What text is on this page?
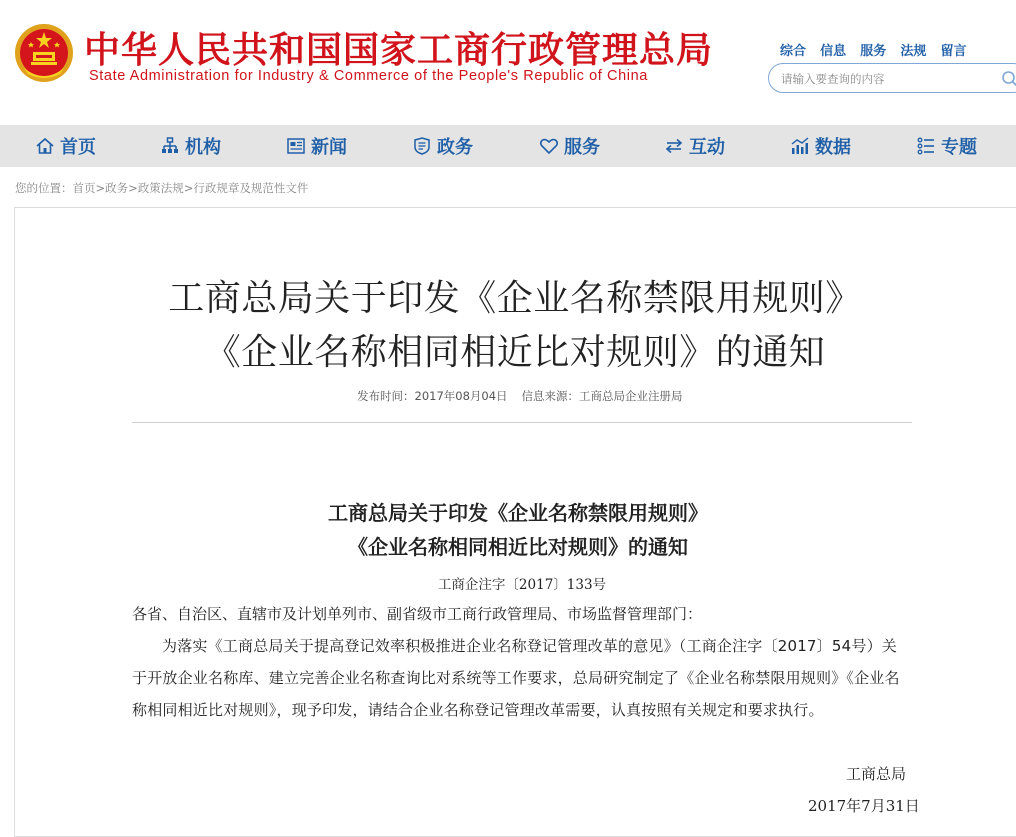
中华人民共和国国家工商行政管理总局
State Administration for Industry & Commerce of the People's Republic of China
综合 信息 服务 法规 留言
请输入要查询的内容
首页	机构	新闻	政务	服务	互动	数据	专题
您的位置：首页>政务>政策法规>行政规章及规范性文件
工商总局关于印发《企业名称禁限用规则》
《企业名称相同相近比对规则》的通知
发布时间：2017年08月04日 信息来源：工商总局企业注册局
工商总局关于印发《企业名称禁限用规则》
《企业名称相同相近比对规则》的通知
工商企注字〔2017〕133号
各省、自治区、直辖市及计划单列市、副省级市工商行政管理局、市场监督管理部门：
为落实《工商总局关于提高登记效率积极推进企业名称登记管理改革的意见》（工商企注字〔2017〕54号）关于开放企业名称库、建立完善企业名称查询比对系统等工作要求，总局研究制定了《企业名称禁限用规则》《企业名称相同相近比对规则》，现予印发，请结合企业名称登记管理改革需要，认真按照有关规定和要求执行。
工商总局
2017年7月31日
